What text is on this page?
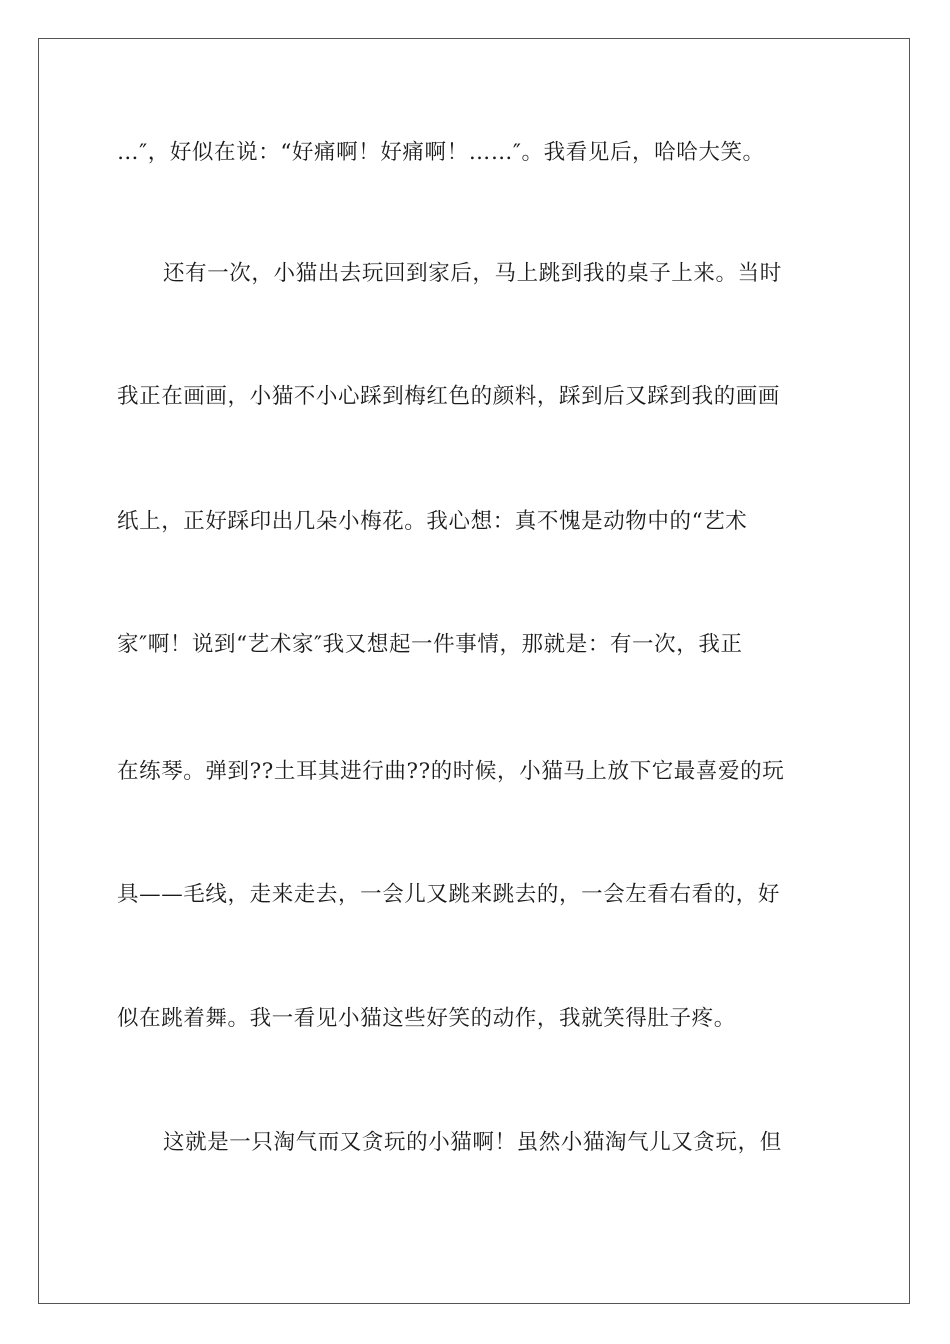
…″，好似在说：“好痛啊！好痛啊！……″。我看见后，哈哈大笑。
还有一次，小猫出去玩回到家后，马上跳到我的桌子上来。当时
我正在画画，小猫不小心踩到梅红色的颜料，踩到后又踩到我的画画
纸上，正好踩印出几朵小梅花。我心想：真不愧是动物中的“艺术
家″啊！说到“艺术家″我又想起一件事情，那就是：有一次，我正
在练琴。弹到??土耳其进行曲??的时候，小猫马上放下它最喜爱的玩
具——毛线，走来走去，一会儿又跳来跳去的，一会左看右看的，好
似在跳着舞。我一看见小猫这些好笑的动作，我就笑得肚子疼。
这就是一只淘气而又贪玩的小猫啊！虽然小猫淘气儿又贪玩，但
